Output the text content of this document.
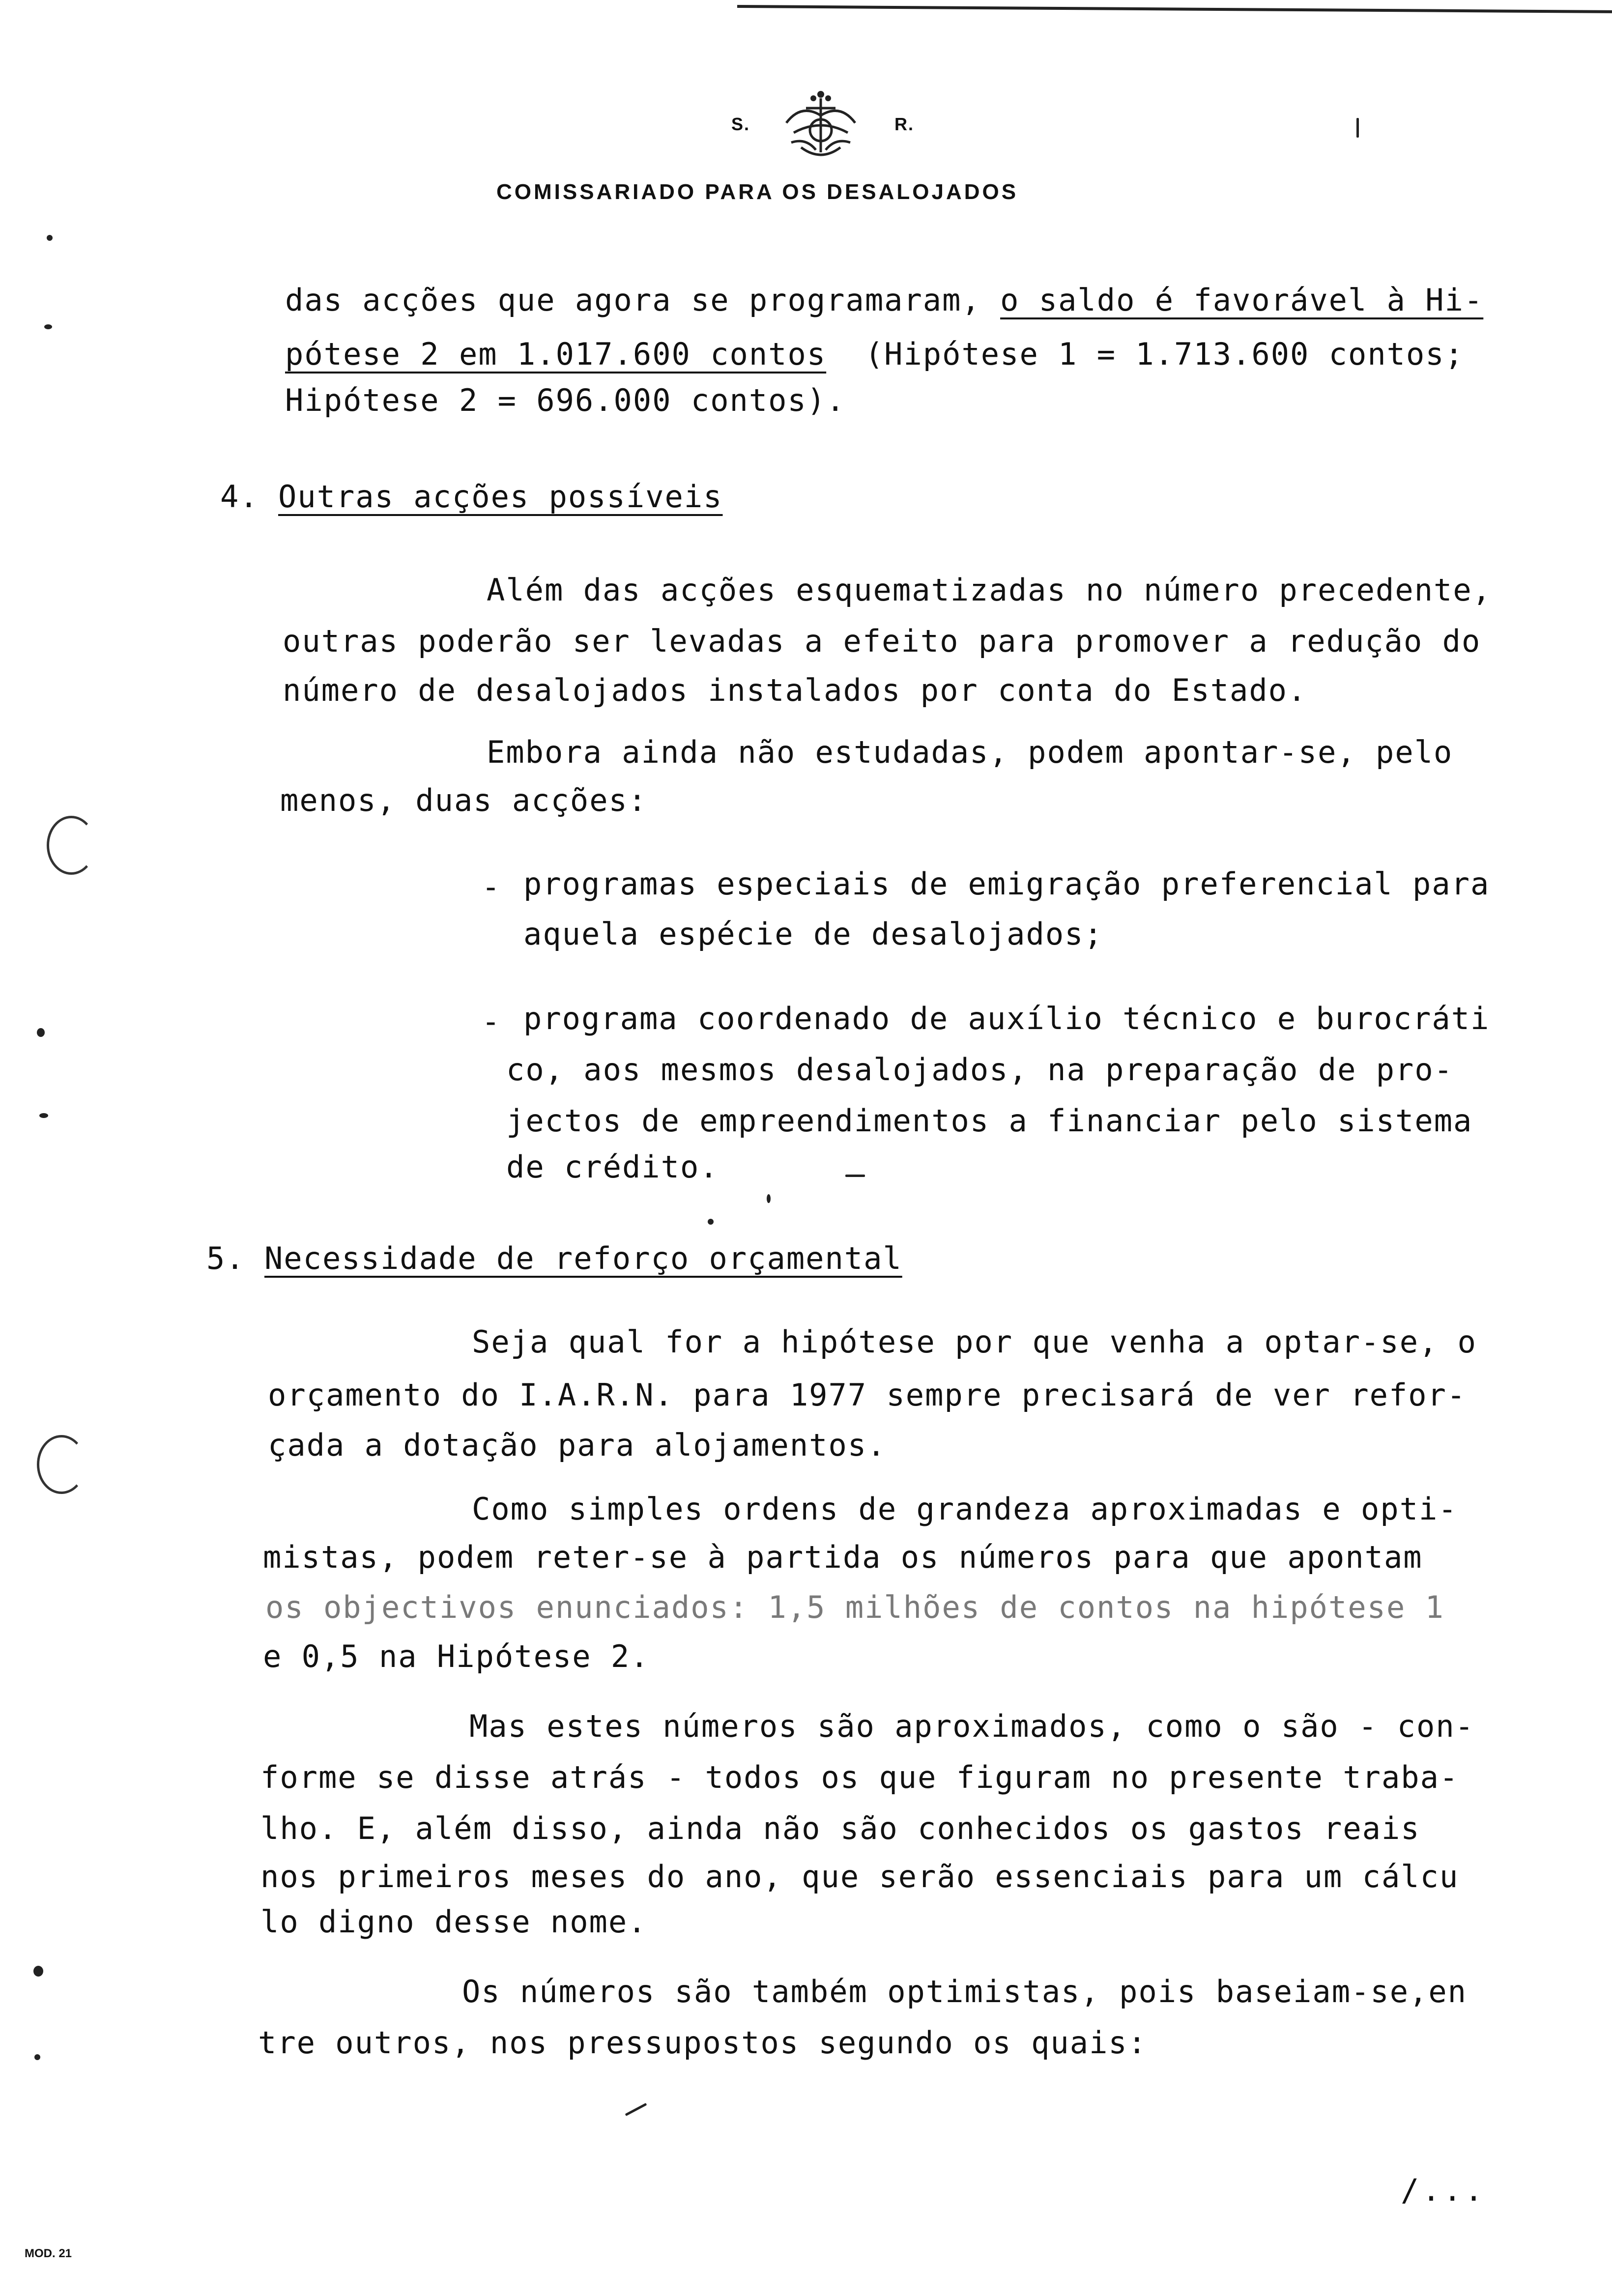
S.	R.
COMISSARIADO PARA OS DESALOJADOS
das acções que agora se programaram, o saldo é favorável à Hi-
pótese 2 em 1.017.600 contos  (Hipótese 1 = 1.713.600 contos;
Hipótese 2 = 696.000 contos).
4. Outras acções possíveis
Além das acções esquematizadas no número precedente,
outras poderão ser levadas a efeito para promover a redução do
número de desalojados instalados por conta do Estado.
Embora ainda não estudadas, podem apontar-se, pelo
menos, duas acções:
- programas especiais de emigração preferencial para
aquela espécie de desalojados;
- programa coordenado de auxílio técnico e burocráti
co, aos mesmos desalojados, na preparação de pro-
jectos de empreendimentos a financiar pelo sistema
de crédito.
5. Necessidade de reforço orçamental
Seja qual for a hipótese por que venha a optar-se, o
orçamento do I.A.R.N. para 1977 sempre precisará de ver refor-
çada a dotação para alojamentos.
Como simples ordens de grandeza aproximadas e opti-
mistas, podem reter-se à partida os números para que apontam
os objectivos enunciados: 1,5 milhões de contos na hipótese 1
e 0,5 na Hipótese 2.
Mas estes números são aproximados, como o são - con-
forme se disse atrás - todos os que figuram no presente traba-
lho. E, além disso, ainda não são conhecidos os gastos reais
nos primeiros meses do ano, que serão essenciais para um cálcu
lo digno desse nome.
Os números são também optimistas, pois baseiam-se,en
tre outros, nos pressupostos segundo os quais:
/...
MOD. 21
